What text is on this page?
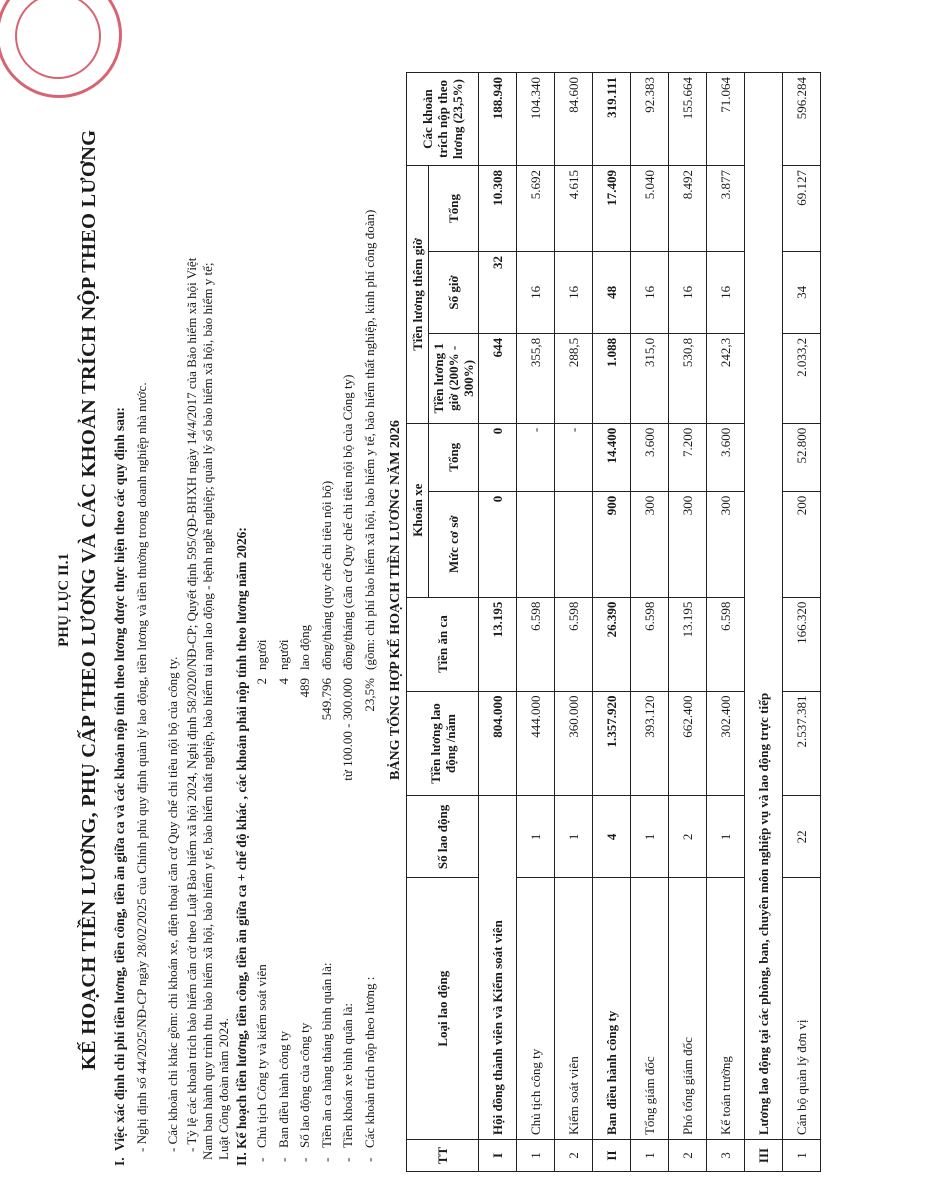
PHỤ LỤC II.1 KẾ HOẠCH TIỀN LƯƠNG, PHỤ CẤP THEO LƯƠNG VÀ CÁC KHOẢN TRÍCH NỘP THEO LƯƠNG
I.  Việc xác định chi phí tiền lương, tiền công, tiền ăn giữa ca và các khoản nộp tính theo lương được thực hiện theo các quy định sau: - Nghị định số 44/2025/NĐ-CP ngày 28/02/2025 của Chính phủ quy định quản lý lao động, tiền lương và tiền thưởng trong doanh nghiệp nhà nước. - Các khoản chi khác gồm: chi khoán xe, điện thoại căn cứ Quy chế chi tiêu nội bộ của công ty. - Tỷ lệ các khoản trích bảo hiểm căn cứ theo Luật Bảo hiểm xã hội 2024, Nghị định 58/2020/NĐ-CP; Quyết định 595/QĐ-BHXH ngày 14/4/2017 của Bảo hiểm xã hội Việt Nam ban hành quy trình thu bảo hiểm xã hội, bảo hiểm y tế, bảo hiểm thất nghiệp, bảo hiểm tai nạn lao động - bệnh nghề nghiệp; quản lý sổ bảo hiểm xã hội, bảo hiểm y tế; Luật Công đoàn năm 2024. II. Kế hoạch tiền lương, tiền công, tiền ăn giữa ca + chế độ khác , các khoản phải nộp tính theo lương năm 2026:
-
Chủ tịch Công ty và kiểm soát viên
2
người
-
Ban điều hành công ty
4
người
-
Số lao động của công ty
489
lao động
-
Tiền ăn ca hàng tháng bình quân là:
549.796
đồng/tháng (quy chế chi tiêu nội bộ)
-
Tiền khoán xe bình quân là:
từ 100.00 - 300.000
đồng/tháng (căn cứ Quy chế chi tiêu nội bộ của Công ty)
-
Các khoản trích nộp theo lương :
23,5%
(gồm: chi phí bảo hiểm xã hội, bảo hiểm y tế, bảo hiểm thất nghiệp, kinh phí công đoàn) BẢNG TỔNG HỢP KẾ HOẠCH TIỀN LƯƠNG NĂM 2026
TT	Loại lao động	Số lao động	Tiền lương lao động /năm	Tiền ăn ca	Khoán xe		Tiền lương thêm giờ			Các khoản trích nộp theo lương (23,5%)
					Mức cơ sở	Tổng	Tiền lương 1 giờ (200% - 300%)	Số giờ	Tổng	
I	Hội đồng thành viên và Kiểm soát viên		804.000	13.195	0	0	644	32	10.308	188.940
1	Chủ tịch công ty	1	444.000	6.598		-	355,8	16	5.692	104.340
2	Kiểm soát viên	1	360.000	6.598		-	288,5	16	4.615	84.600
II	Ban điều hành công ty	4	1.357.920	26.390	900	14.400	1.088	48	17.409	319.111
1	Tổng giám đốc	1	393.120	6.598	300	3.600	315,0	16	5.040	92.383
2	Phó tổng giám đốc	2	662.400	13.195	300	7.200	530,8	16	8.492	155.664
3	Kế toán trưởng	1	302.400	6.598	300	3.600	242,3	16	3.877	71.064
III	Lương lao động tại các phòng, ban, chuyên môn nghiệp vụ và lao động trực tiếp									
1	Cán bộ quản lý đơn vị	22	2.537.381	166.320	200	52.800	2.033,2	34	69.127	596.284
